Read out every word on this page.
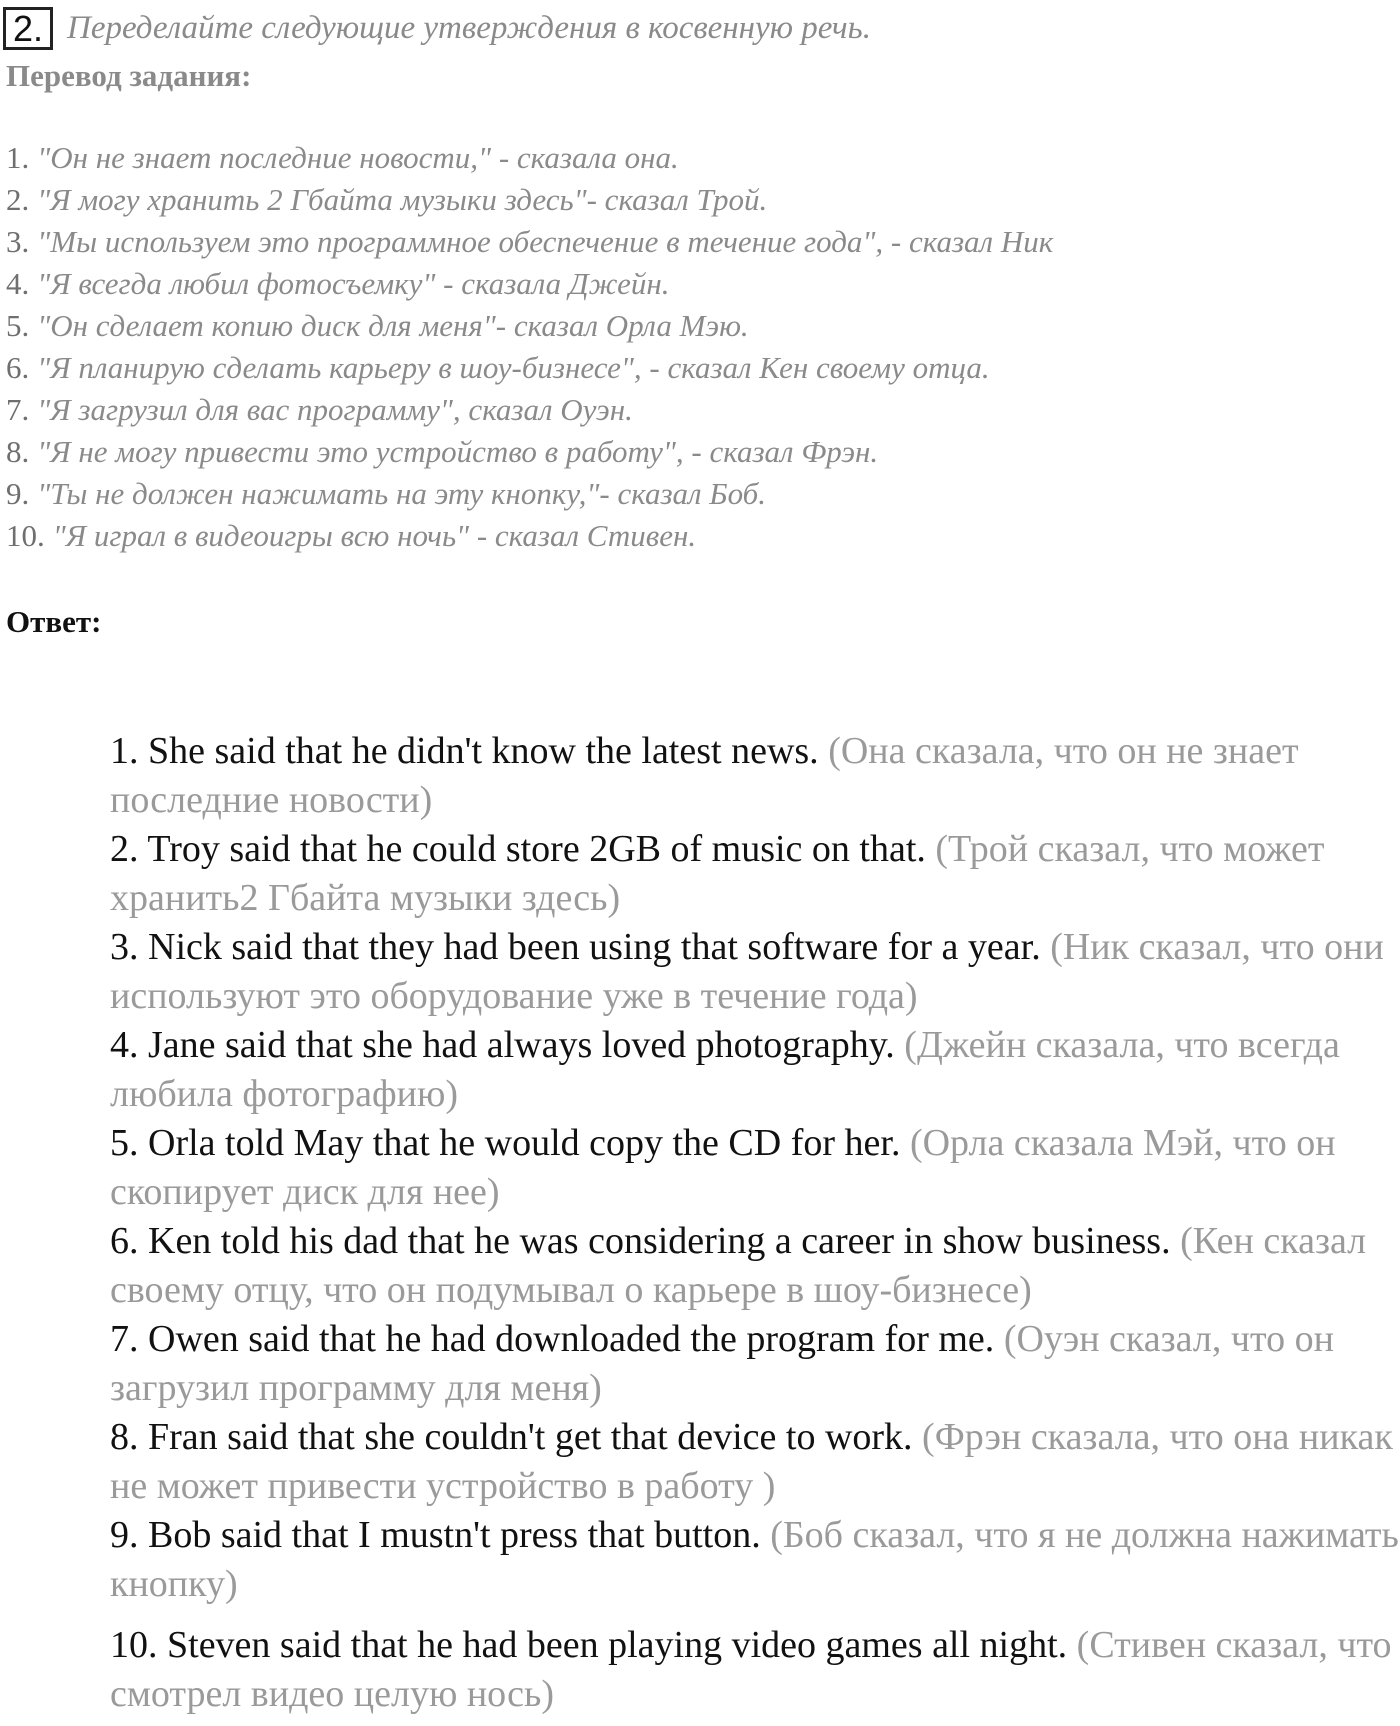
2. Переделайте следующие утверждения в косвенную речь.
Перевод задания:
1. "Он не знает последние новости," - сказала она.
2. "Я могу хранить 2 Гбайта музыки здесь"- сказал Трой.
3. "Мы используем это программное обеспечение в течение года", - сказал Ник
4. "Я всегда любил фотосъемку" - сказала Джейн.
5. "Он сделает копию диск для меня"- сказал Орла Мэю.
6. "Я планирую сделать карьеру в шоу-бизнесе", - сказал Кен своему отца.
7. "Я загрузил для вас программу", сказал Оуэн.
8. "Я не могу привести это устройство в работу", - сказал Фрэн.
9. "Ты не должен нажимать на эту кнопку,"- сказал Боб.
10. "Я играл в видеоигры всю ночь" - сказал Стивен.
Ответ:
1. She said that he didn't know the latest news. (Она сказала, что он не знает последние новости)
2. Troy said that he could store 2GB of music on that. (Трой сказал, что может хранить2 Гбайта музыки здесь)
3. Nick said that they had been using that software for a year. (Ник сказал, что они используют это оборудование уже в течение года)
4. Jane said that she had always loved photography. (Джейн сказала, что всегда любила фотографию)
5. Orla told May that he would copy the CD for her. (Орла сказала Мэй, что он скопирует диск для нее)
6. Ken told his dad that he was considering a career in show business. (Кен сказал своему отцу, что он подумывал о карьере в шоу-бизнесе)
7. Owen said that he had downloaded the program for me. (Оуэн сказал, что он загрузил программу для меня)
8. Fran said that she couldn't get that device to work. (Фрэн сказала, что она никак не может привести устройство в работу )
9. Bob said that I mustn't press that button. (Боб сказал, что я не должна нажимать кнопку)
10. Steven said that he had been playing video games all night. (Стивен сказал, что смотрел видео целую нось)
